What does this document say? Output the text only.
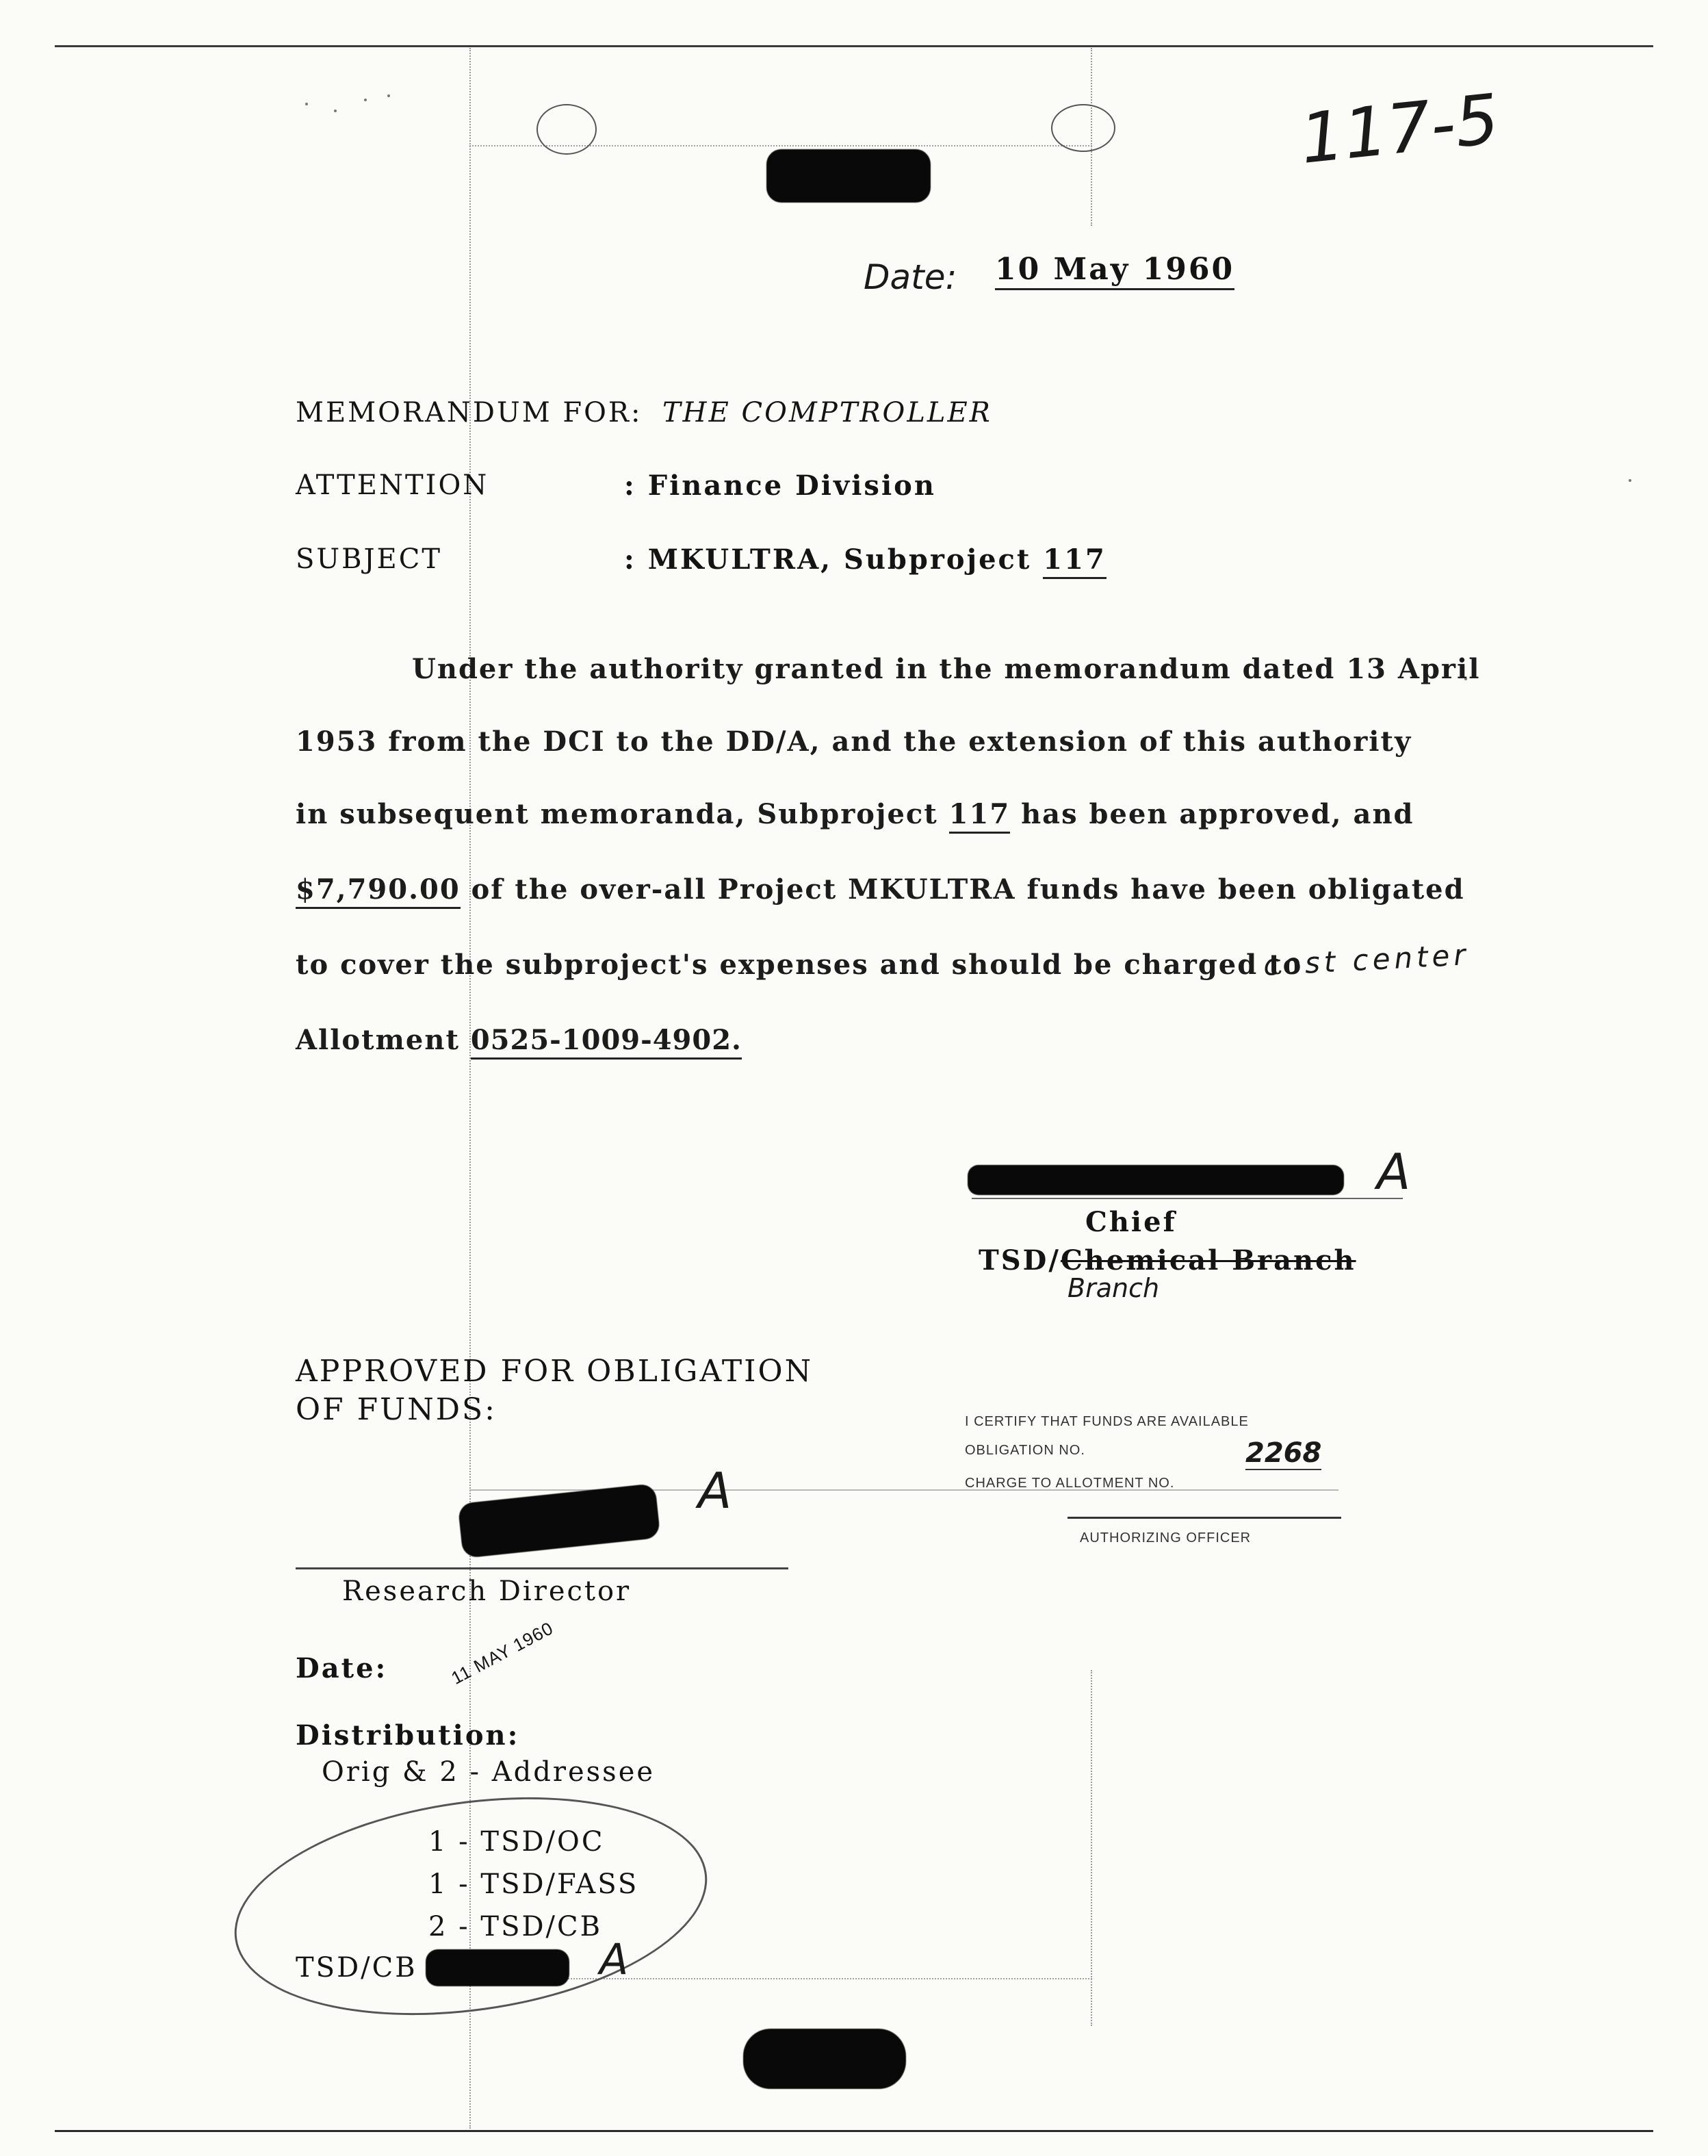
117-5
Date: 10 May 1960
MEMORANDUM FOR: THE COMPTROLLER
ATTENTION	: Finance Division
SUBJECT	: MKULTRA, Subproject 117
Under the authority granted in the memorandum dated 13 April
1953 from the DCI to the DD/A, and the extension of this authority
in subsequent memoranda, Subproject 117 has been approved, and
$7,790.00 of the over-all Project MKULTRA funds have been obligated
to cover the subproject's expenses and should be charged to
cost center
Allotment 0525-1009-4902.
A
Chief
TSD/Chemical Branch
Branch
APPROVED FOR OBLIGATION
OF FUNDS:
A
Research Director
Date:	11 MAY 1960
I CERTIFY THAT FUNDS ARE AVAILABLE
OBLIGATION NO.	2268
CHARGE TO ALLOTMENT NO.
AUTHORIZING OFFICER
Distribution:
Orig & 2 - Addressee
1 - TSD/OC
1 - TSD/FASS
2 - TSD/CB
TSD/CB	A
